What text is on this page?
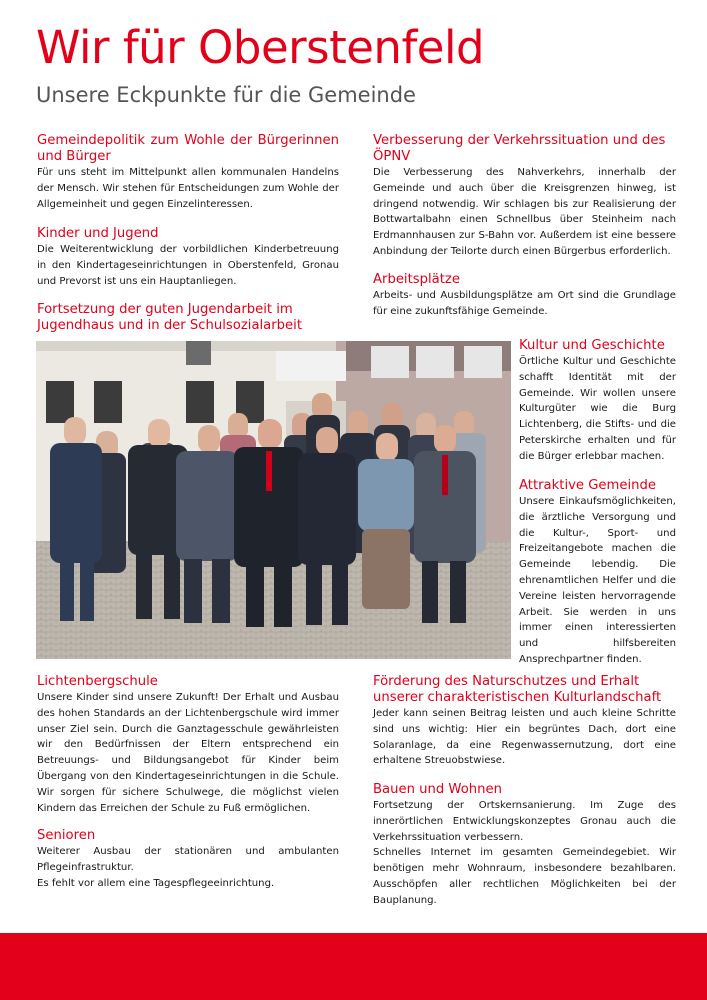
Wir für Oberstenfeld
Unsere Eckpunkte für die Gemeinde
Gemeindepolitik zum Wohle der Bürgerinnen und Bürger

Für uns steht im Mittelpunkt allen kommunalen Handelns der Mensch. Wir stehen für Entscheidungen zum Wohle der Allgemeinheit und gegen Einzelinteressen.

Kinder und Jugend

Die Weiterentwicklung der vorbildlichen Kinderbetreuung in den Kindertageseinrichtungen in Oberstenfeld, Gronau und Prevorst ist uns ein Hauptanliegen.

Fortsetzung der guten Jugendarbeit im Jugendhaus und in der Schulsozialarbeit
Verbesserung der Verkehrssituation und des ÖPNV

Die Verbesserung des Nahverkehrs, innerhalb der Gemeinde und auch über die Kreisgrenzen hinweg, ist dringend notwendig. Wir schlagen bis zur Realisierung der Bottwartalbahn einen Schnellbus über Steinheim nach Erdmannhausen zur S-Bahn vor. Außerdem ist eine bessere Anbindung der Teilorte durch einen Bürgerbus erforderlich.

Arbeitsplätze

Arbeits- und Ausbildungsplätze am Ort sind die Grundlage für eine zukunftsfähige Gemeinde.

Kultur und Geschichte

Örtliche Kultur und Geschichte schafft Identität mit der Gemeinde. Wir wollen unsere Kulturgüter wie die Burg Lichtenberg, die Stifts- und die Peterskirche erhalten und für die Bürger erlebbar machen.

Attraktive Gemeinde

Unsere Einkaufsmöglichkeiten, die ärztliche Versorgung und die Kultur-, Sport- und Freizeitangebote machen die Gemeinde lebendig. Die ehrenamtlichen Helfer und die Vereine leisten hervorragende Arbeit. Sie werden in uns immer einen interessierten und hilfsbereiten Ansprechpartner finden.

Lichtenbergschule

Unsere Kinder sind unsere Zukunft! Der Erhalt und Ausbau des hohen Standards an der Lichtenbergschule wird immer unser Ziel sein. Durch die Ganztagesschule gewährleisten wir den Bedürfnissen der Eltern entsprechend ein Betreuungs- und Bildungsangebot für Kinder beim Übergang von den Kindertageseinrichtungen in die Schule. Wir sorgen für sichere Schulwege, die möglichst vielen Kindern das Erreichen der Schule zu Fuß ermöglichen.

Senioren

Weiterer Ausbau der stationären und ambulanten Pflegeinfrastruktur.

Es fehlt vor allem eine Tagespflegeeinrichtung.

Förderung des Naturschutzes und Erhalt unserer charakteristischen Kulturlandschaft

Jeder kann seinen Beitrag leisten und auch kleine Schritte sind uns wichtig: Hier ein begrüntes Dach, dort eine Solaranlage, da eine Regenwassernutzung, dort eine erhaltene Streuobstwiese.

Bauen und Wohnen

Fortsetzung der Ortskernsanierung. Im Zuge des innerörtlichen Entwicklungskonzeptes Gronau auch die Verkehrssituation verbessern.

Schnelles Internet im gesamten Gemeindegebiet. Wir benötigen mehr Wohnraum, insbesondere bezahlbaren. Ausschöpfen aller rechtlichen Möglichkeiten bei der Bauplanung.
